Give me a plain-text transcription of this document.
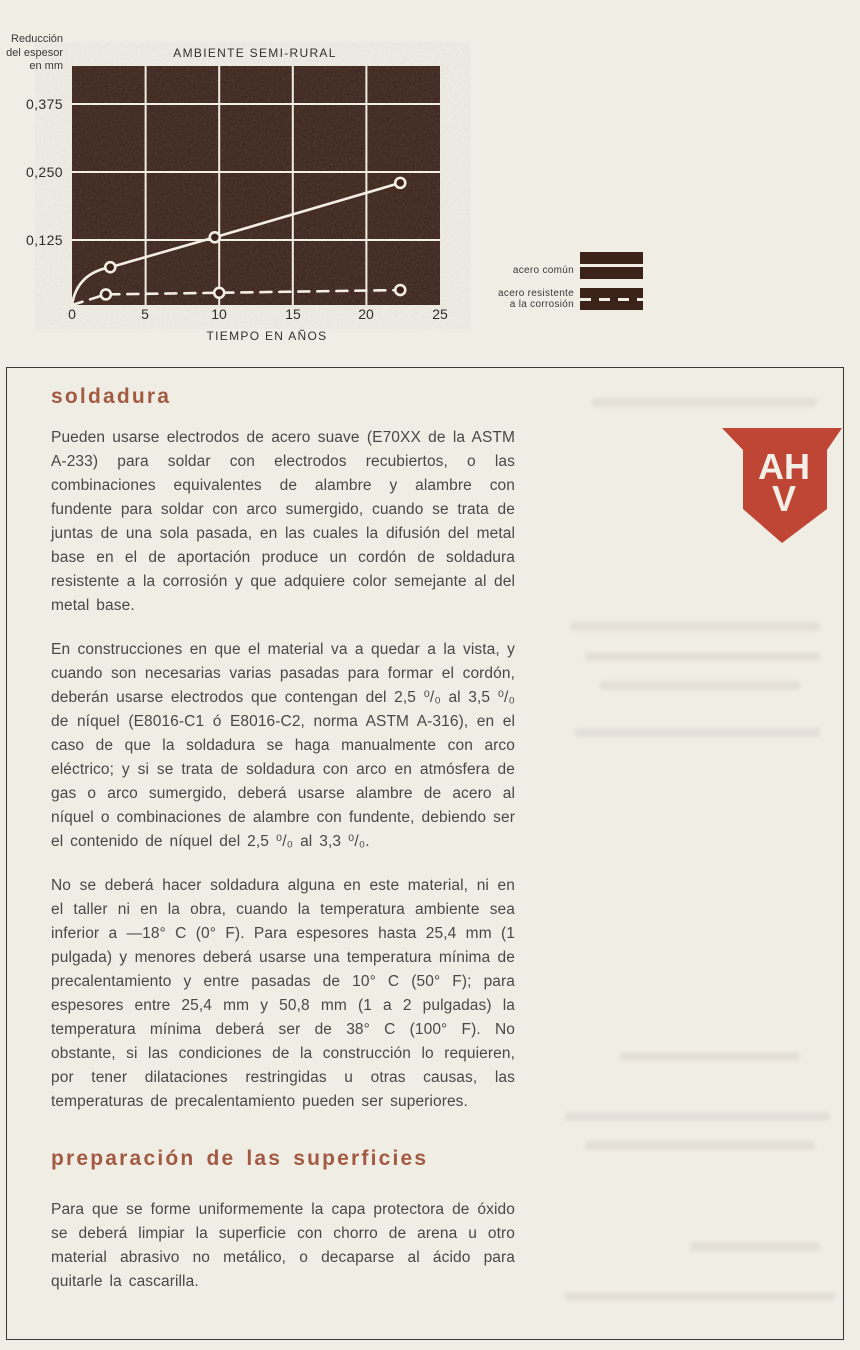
Reducción
del espesor
en mm
AMBIENTE SEMI-RURAL
0,375
0,250
0,125
0	5	10	15	20	25
TIEMPO EN AÑOS
acero común
acero resistente
a la corrosión
soldadura

Pueden usarse electrodos de acero suave (E70XX de la ASTM A-233) para soldar con electrodos recubiertos, o las combinaciones equivalentes de alambre y alambre con fundente para soldar con arco sumergido, cuando se trata de juntas de una sola pasada, en las cuales la difusión del metal base en el de aportación produce un cordón de soldadura resistente a la corrosión y que adquiere color semejante al del metal base.

En construcciones en que el material va a quedar a la vista, y cuando son necesarias varias pasadas para formar el cordón, deberán usarse electrodos que contengan del 2,5 ⁰/₀ al 3,5 ⁰/₀ de níquel (E8016-C1 ó E8016-C2, norma ASTM A-316), en el caso de que la soldadura se haga manualmente con arco eléctrico; y si se trata de soldadura con arco en atmósfera de gas o arco sumergido, deberá usarse alambre de acero al níquel o combinaciones de alambre con fundente, debiendo ser el contenido de níquel del 2,5 ⁰/₀ al 3,3 ⁰/₀.

No se deberá hacer soldadura alguna en este material, ni en el taller ni en la obra, cuando la temperatura ambiente sea inferior a —18° C (0° F). Para espesores hasta 25,4 mm (1 pulgada) y menores deberá usarse una temperatura mínima de precalentamiento y entre pasadas de 10° C (50° F); para espesores entre 25,4 mm y 50,8 mm (1 a 2 pulgadas) la temperatura mínima deberá ser de 38° C (100° F). No obstante, si las condiciones de la construcción lo requieren, por tener dilataciones restringidas u otras causas, las temperaturas de precalentamiento pueden ser superiores.

preparación de las superficies

Para que se forme uniformemente la capa protectora de óxido se deberá limpiar la superficie con chorro de arena u otro material abrasivo no metálico, o decaparse al ácido para quitarle la cascarilla.

AH
V
